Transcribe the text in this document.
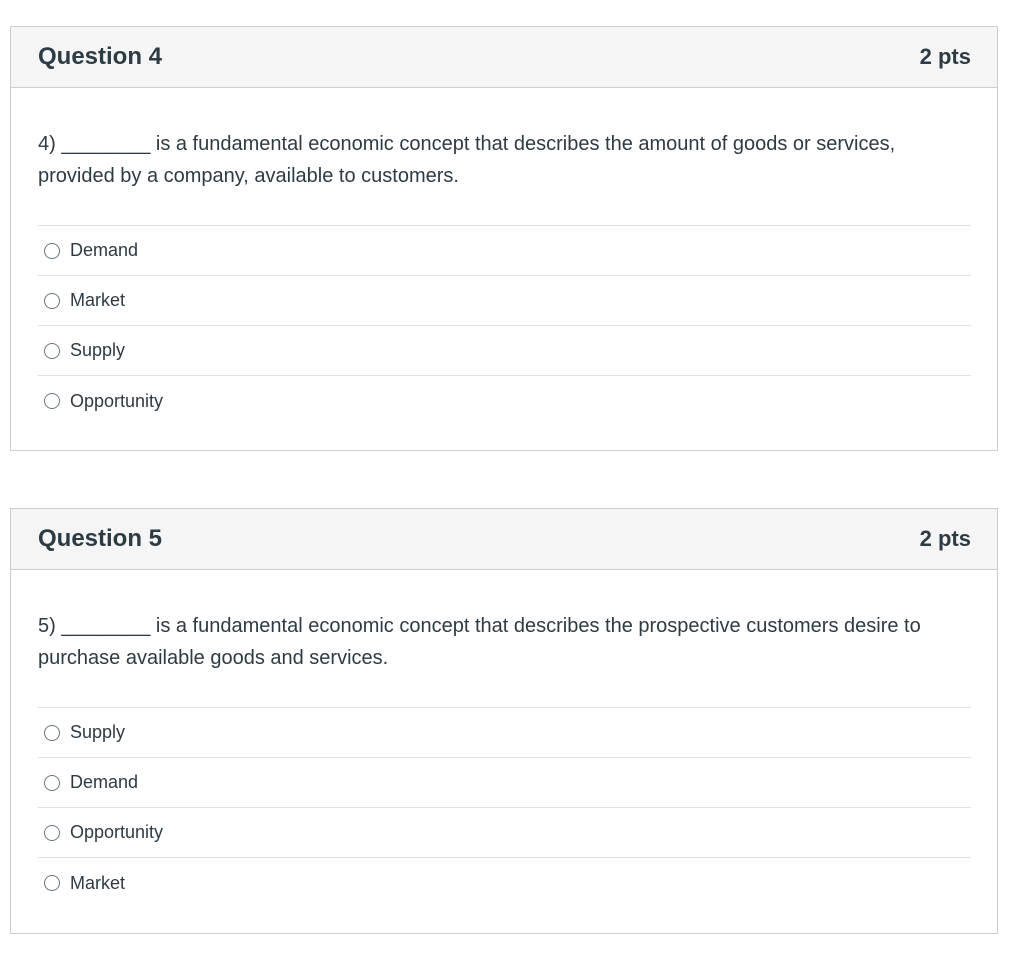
Question 4	2 pts
4) ________ is a fundamental economic concept that describes the amount of goods or services, provided by a company, available to customers.
Demand
Market
Supply
Opportunity
Question 5	2 pts
5) ________ is a fundamental economic concept that describes the prospective customers desire to purchase available goods and services.
Supply
Demand
Opportunity
Market
